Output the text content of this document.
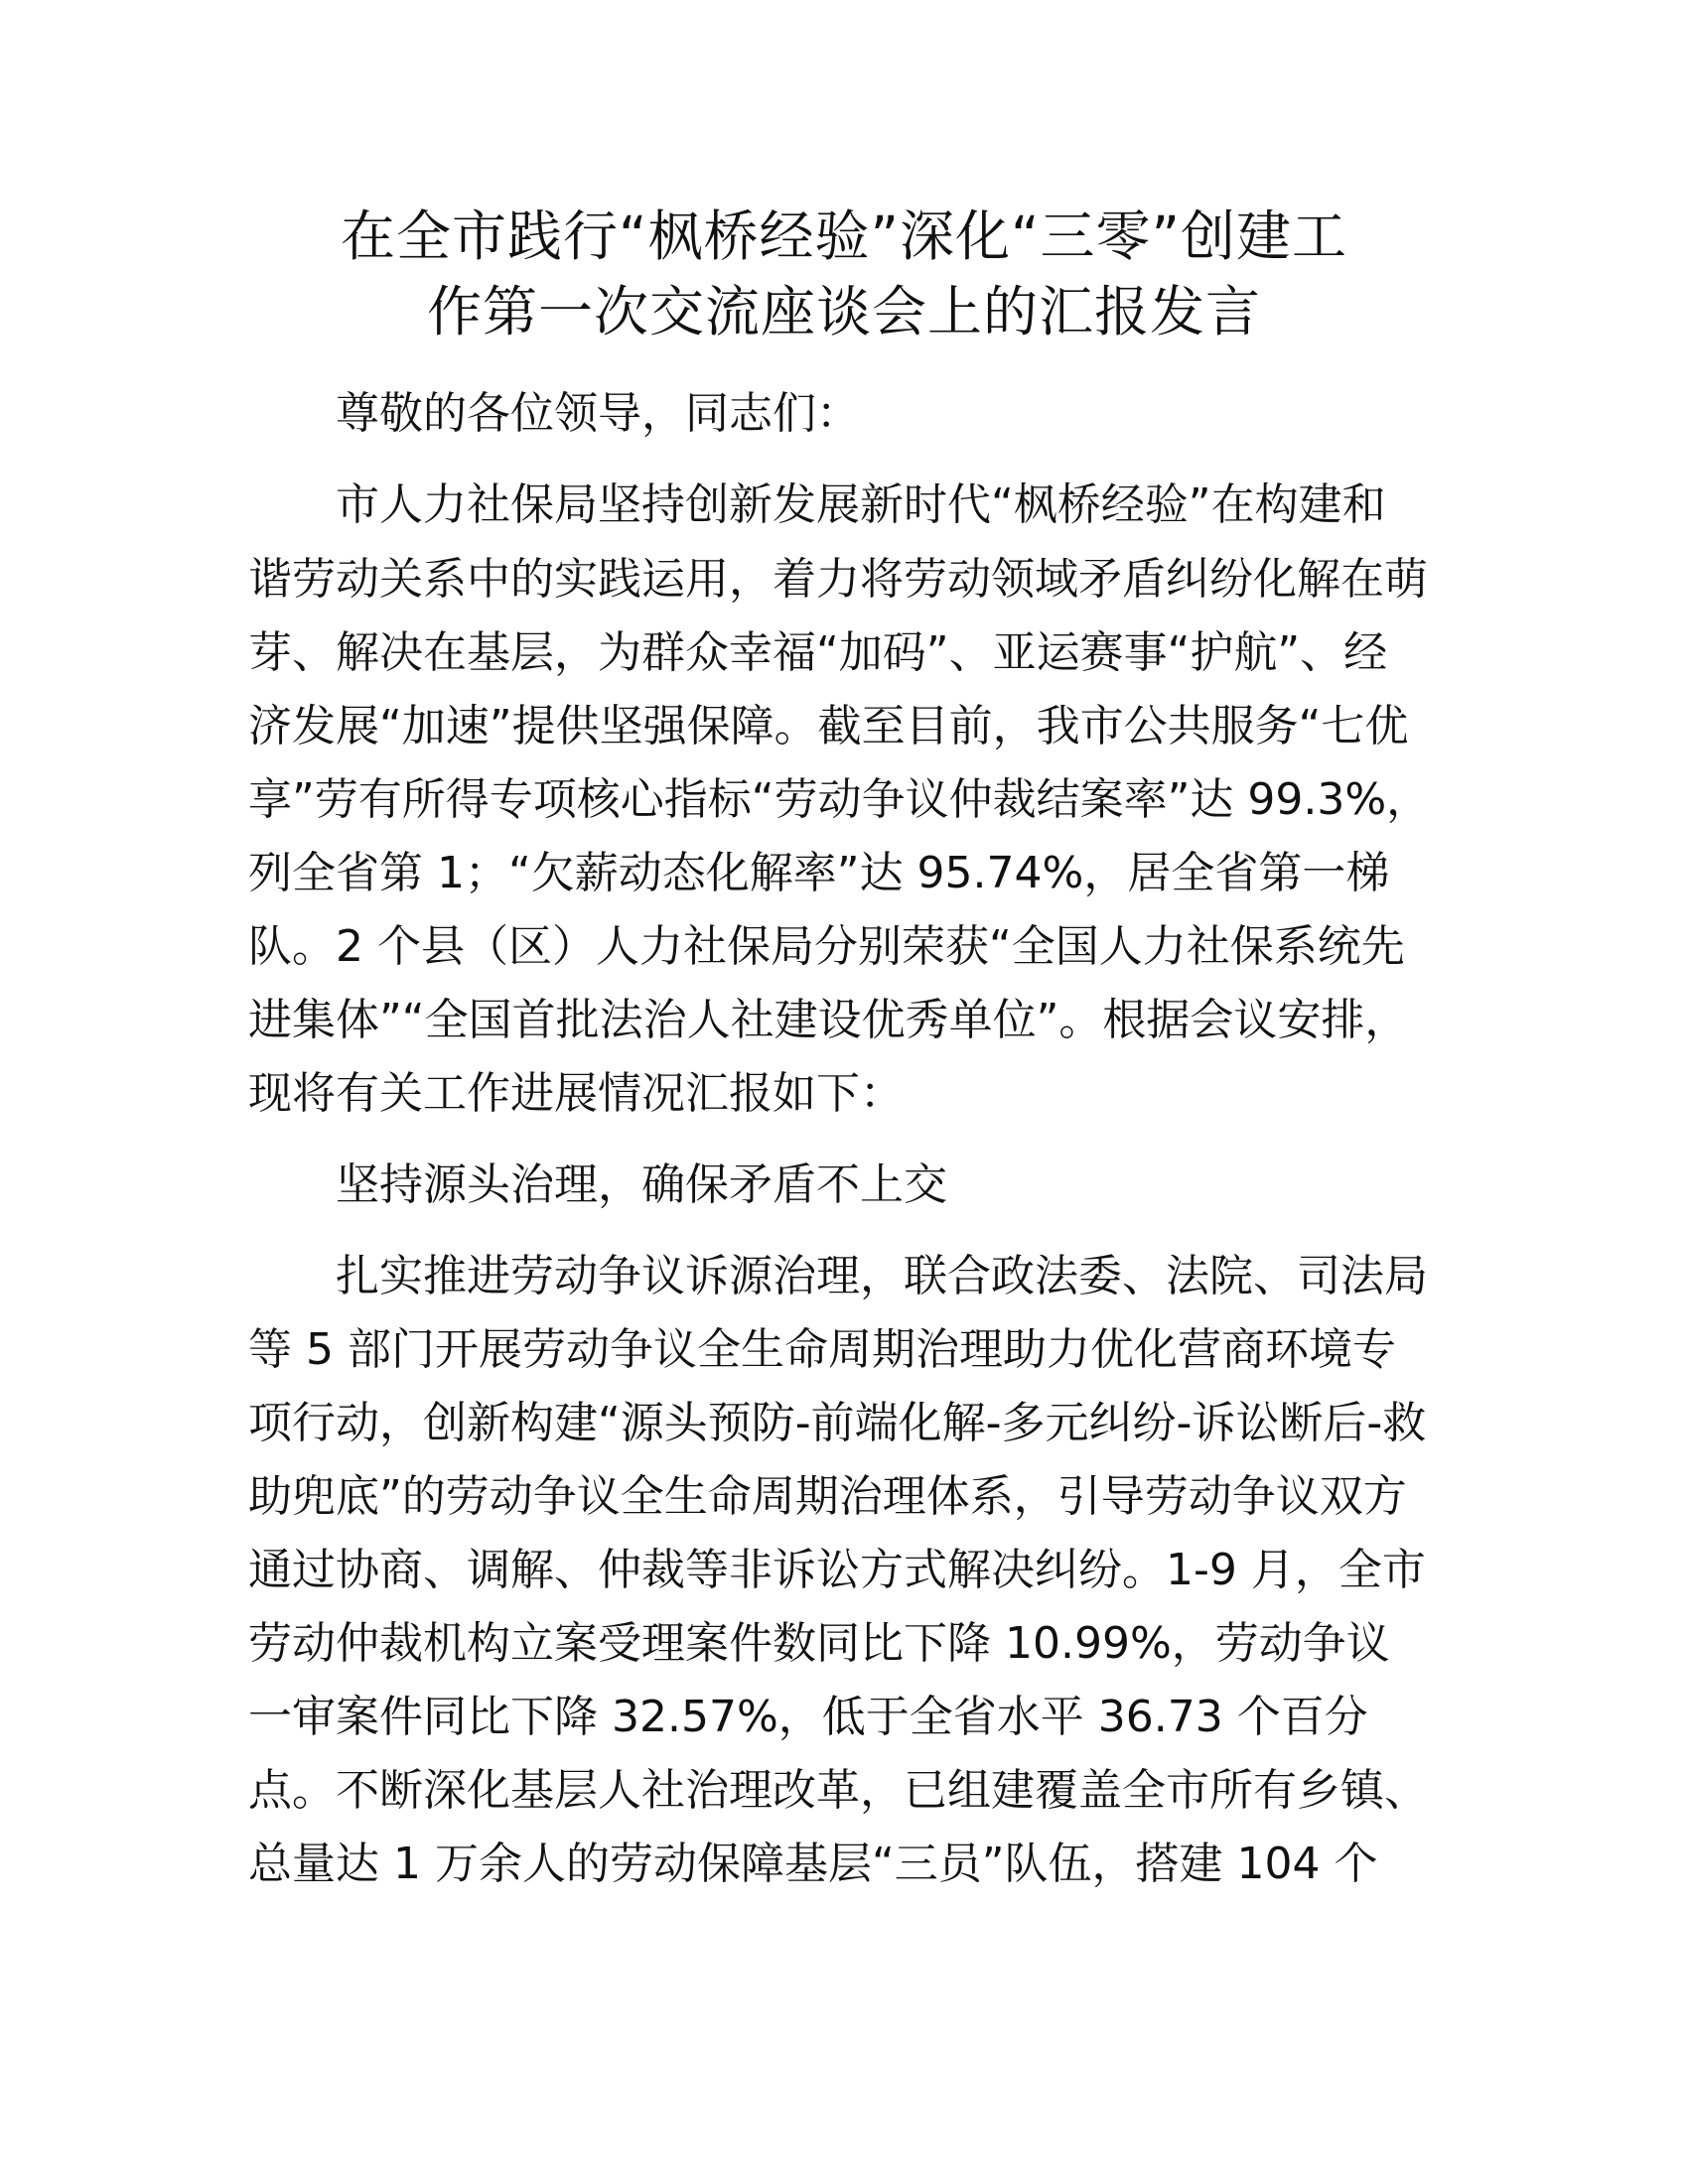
在全市践行“枫桥经验”深化“三零”创建工
作第一次交流座谈会上的汇报发言

尊敬的各位领导，同志们：

市人力社保局坚持创新发展新时代“枫桥经验”在构建和

谐劳动关系中的实践运用，着力将劳动领域矛盾纠纷化解在萌

芽、解决在基层，为群众幸福“加码”、亚运赛事“护航”、经

济发展“加速”提供坚强保障。截至目前，我市公共服务“七优

享”劳有所得专项核心指标“劳动争议仲裁结案率”达 99.3%，

列全省第 1；“欠薪动态化解率”达 95.74%，居全省第一梯

队。2 个县（区）人力社保局分别荣获“全国人力社保系统先

进集体”“全国首批法治人社建设优秀单位”。根据会议安排，

现将有关工作进展情况汇报如下：

坚持源头治理，确保矛盾不上交

扎实推进劳动争议诉源治理，联合政法委、法院、司法局

等 5 部门开展劳动争议全生命周期治理助力优化营商环境专

项行动，创新构建“源头预防-前端化解-多元纠纷-诉讼断后-救

助兜底”的劳动争议全生命周期治理体系，引导劳动争议双方

通过协商、调解、仲裁等非诉讼方式解决纠纷。1-9 月，全市

劳动仲裁机构立案受理案件数同比下降 10.99%，劳动争议

一审案件同比下降 32.57%，低于全省水平 36.73 个百分

点。不断深化基层人社治理改革，已组建覆盖全市所有乡镇、

总量达 1 万余人的劳动保障基层“三员”队伍，搭建 104 个
